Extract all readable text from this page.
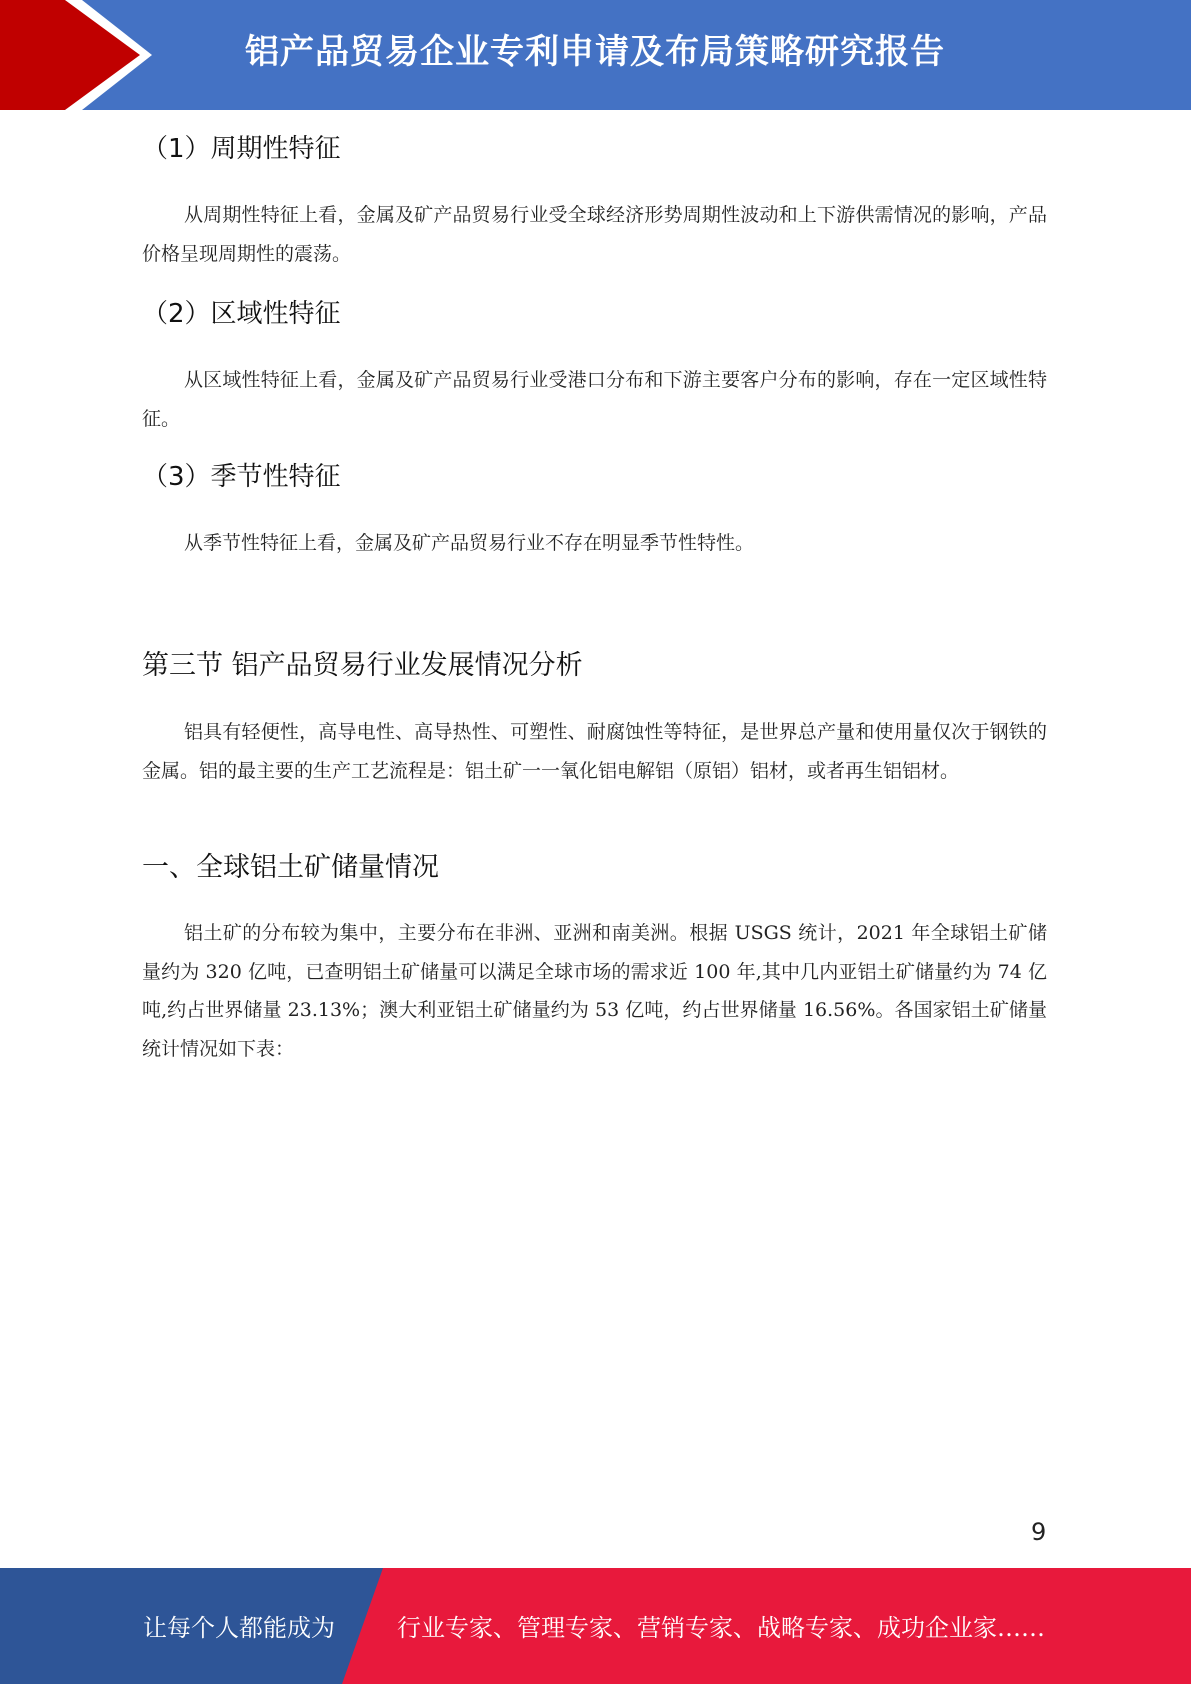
铝产品贸易企业专利申请及布局策略研究报告
（1）周期性特征

从周期性特征上看，金属及矿产品贸易行业受全球经济形势周期性波动和上下游供需情况的影响，产品价格呈现周期性的震荡。

（2）区域性特征

从区域性特征上看，金属及矿产品贸易行业受港口分布和下游主要客户分布的影响，存在一定区域性特征。

（3）季节性特征

从季节性特征上看，金属及矿产品贸易行业不存在明显季节性特性。

第三节 铝产品贸易行业发展情况分析

铝具有轻便性，高导电性、高导热性、可塑性、耐腐蚀性等特征，是世界总产量和使用量仅次于钢铁的金属。铝的最主要的生产工艺流程是：铝土矿一一氧化铝电解铝（原铝）铝材，或者再生铝铝材。

一、全球铝土矿储量情况

铝土矿的分布较为集中，主要分布在非洲、亚洲和南美洲。根据 USGS 统计，2021 年全球铝土矿储量约为 320 亿吨，已查明铝土矿储量可以满足全球市场的需求近 100 年,其中几内亚铝土矿储量约为 74 亿吨,约占世界储量 23.13%；澳大利亚铝土矿储量约为 53 亿吨，约占世界储量 16.56%。各国家铝土矿储量统计情况如下表：

9
让每个人都能成为	行业专家、管理专家、营销专家、战略专家、成功企业家……
